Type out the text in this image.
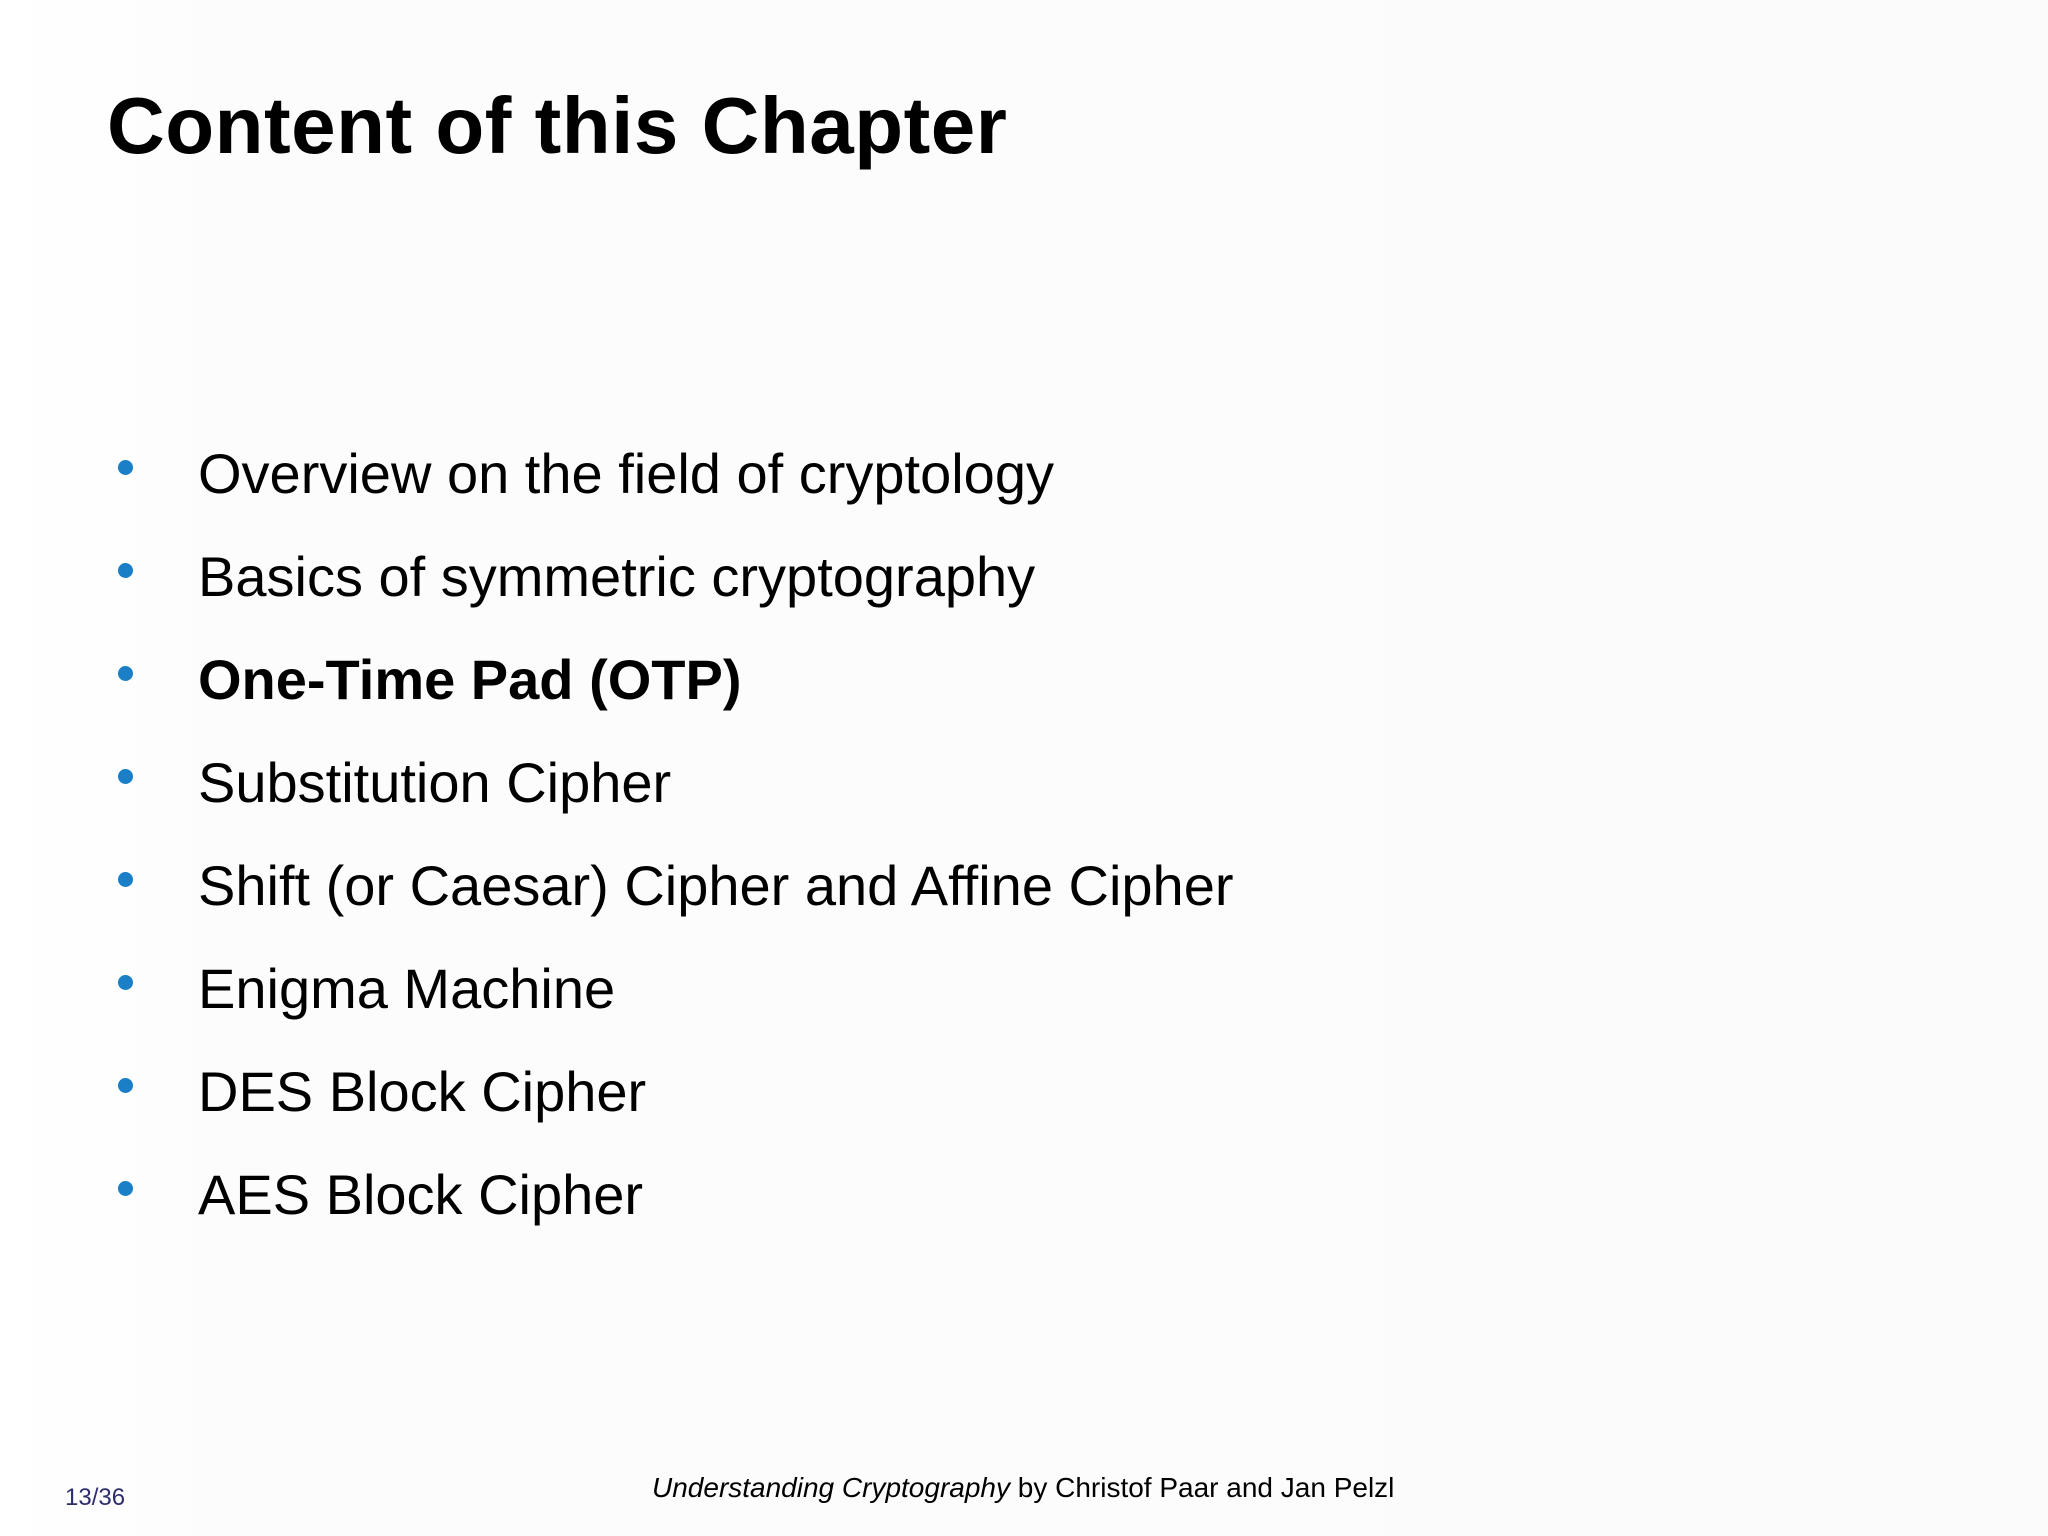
Content of this Chapter
Overview on the field of cryptology
Basics of symmetric cryptography
One-Time Pad (OTP)
Substitution Cipher
Shift (or Caesar) Cipher and Affine Cipher
Enigma Machine
DES Block Cipher
AES Block Cipher
13/36	Understanding Cryptography by Christof Paar and Jan Pelzl
